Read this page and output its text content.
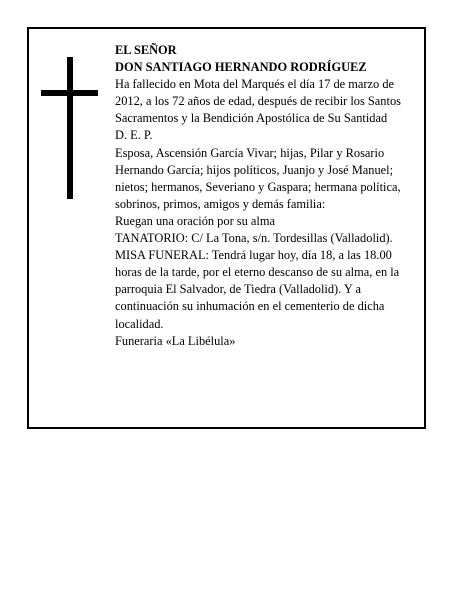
EL SEÑOR

DON SANTIAGO HERNANDO RODRÍGUEZ

Ha fallecido en Mota del Marqués el día 17 de marzo de 2012, a los 72 años de edad, después de recibir los Santos Sacramentos y la Bendición Apostólica de Su Santidad

D. E. P.

Esposa, Ascensión García Vivar; hijas, Pilar y Rosario Hernando García; hijos políticos, Juanjo y José Manuel; nietos; hermanos, Severiano y Gaspara; hermana política, sobrinos, primos, amigos y demás familia:

Ruegan una oración por su alma

TANATORIO: C/ La Tona, s/n. Tordesillas (Valladolid).

MISA FUNERAL: Tendrá lugar hoy, día 18, a las 18.00 horas de la tarde, por el eterno descanso de su alma, en la parroquia El Salvador, de Tiedra (Valladolid). Y a continuación su inhumación en el cementerio de dicha localidad.

Funeraria «La Libélula»
